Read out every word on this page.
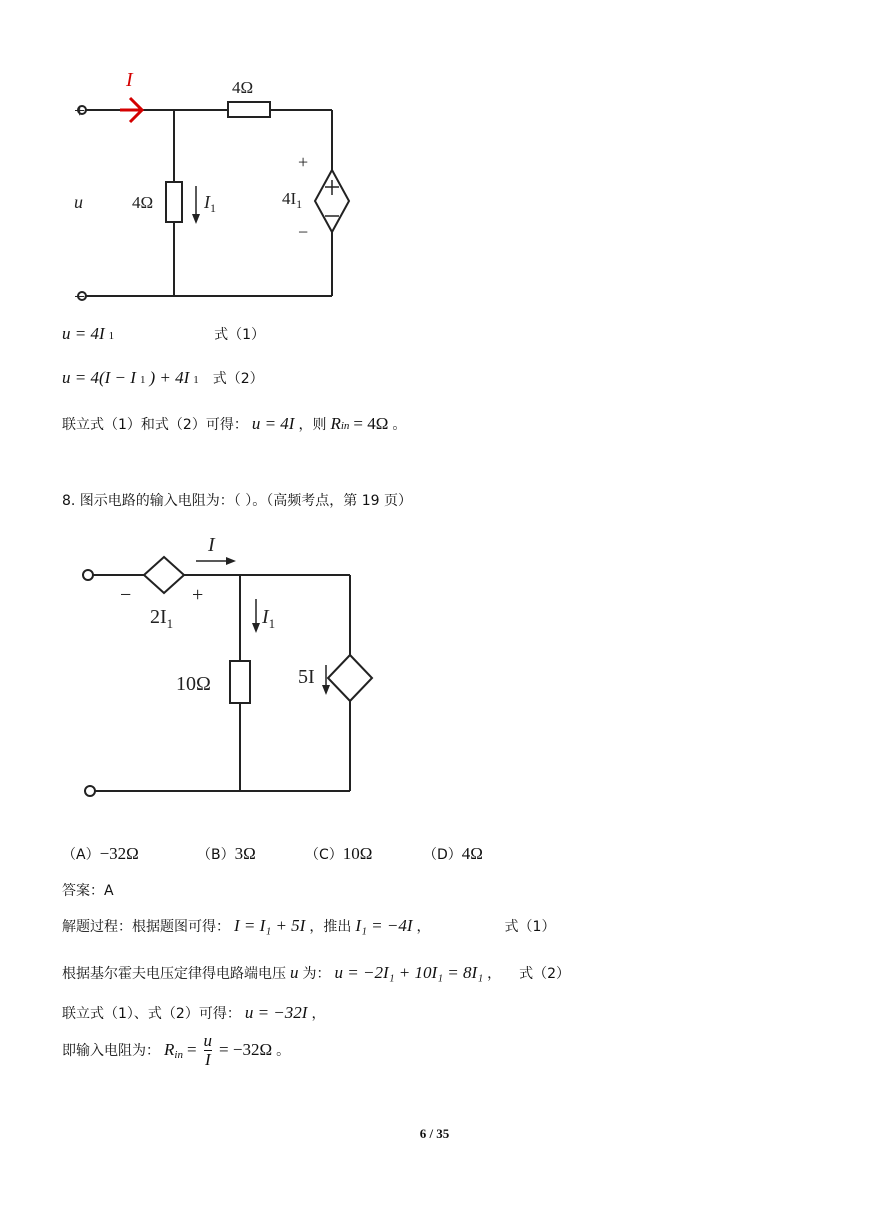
I
+
−
u
4Ω
4Ω	$I_1$	$4I_1$
+
−
u = 4I 1	式（1）
u = 4(I − I 1 ) + 4I 1 式（2）
联立式（1）和式（2）可得： u = 4I ，则 R in = 4Ω 。
8. 图示电路的输入电阻为：（ ）。（高频考点，第 19 页）
I
$I_1$
−	+
$2I_1$
10Ω	5I
（A） −32Ω	（B） 3Ω	（C） 10Ω	（D） 4Ω
答案：A
解题过程：根据题图可得： I = I₁ + 5I ，推出 I₁ = −4I ，	式（1）
根据基尔霍夫电压定律得电路端电压 u 为： u = −2I₁ + 10I₁ = 8I₁ ， 式（2）
联立式（1）、式（2）可得： u = −32I ，
即输入电阻为： $R_{in} = \frac{u}{I} = -32\Omega$ 。
6 / 35
